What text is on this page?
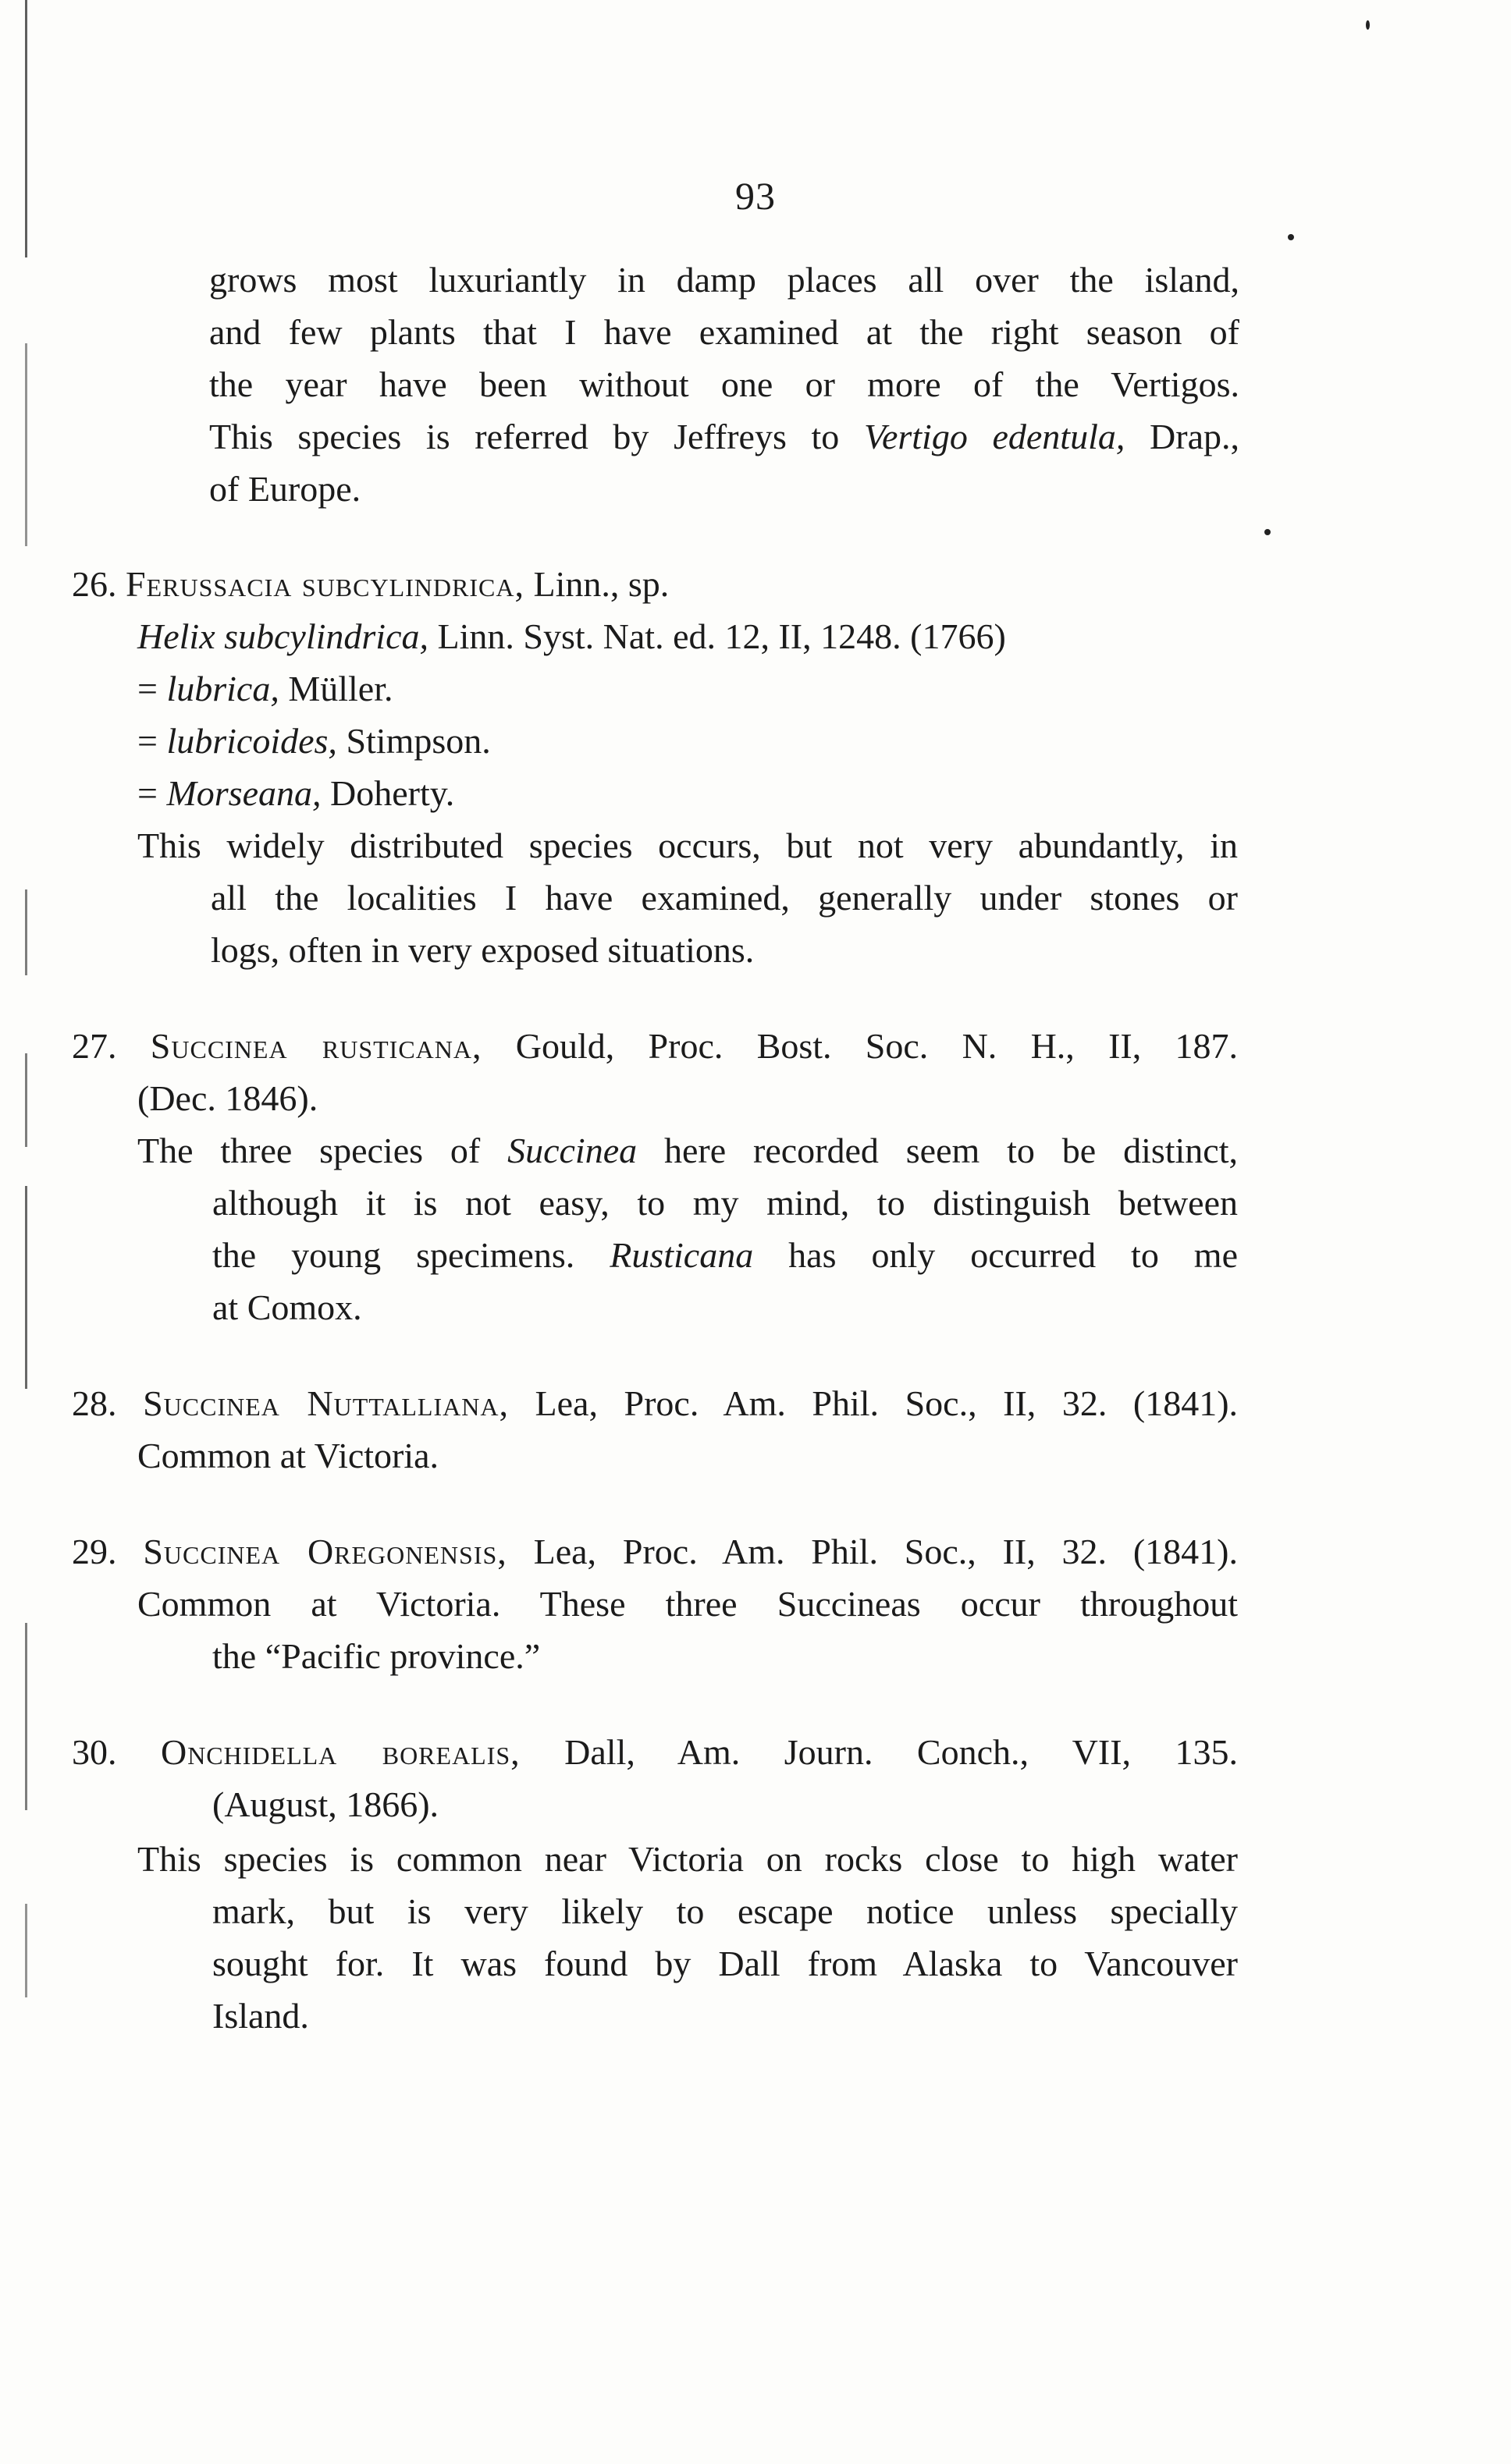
93
grows most luxuriantly in damp places all over the island,
and few plants that I have examined at the right season of
the year have been without one or more of the Vertigos.
This species is referred by Jeffreys to Vertigo edentula, Drap.,
of Europe.
26. Ferussacia subcylindrica, Linn., sp.
Helix subcylindrica, Linn. Syst. Nat. ed. 12, II, 1248. (1766)
= lubrica, Müller.
= lubricoides, Stimpson.
= Morseana, Doherty.
This widely distributed species occurs, but not very abundantly, in
all the localities I have examined, generally under stones or
logs, often in very exposed situations.
27. Succinea rusticana, Gould, Proc. Bost. Soc. N. H., II, 187.
(Dec. 1846).
The three species of Succinea here recorded seem to be distinct,
although it is not easy, to my mind, to distinguish between
the young specimens. Rusticana has only occurred to me
at Comox.
28. Succinea Nuttalliana, Lea, Proc. Am. Phil. Soc., II, 32. (1841).
Common at Victoria.
29. Succinea Oregonensis, Lea, Proc. Am. Phil. Soc., II, 32. (1841).
Common at Victoria. These three Succineas occur throughout
the “Pacific province.”
30. Onchidella borealis, Dall, Am. Journ. Conch., VII, 135.
(August, 1866).
This species is common near Victoria on rocks close to high water
mark, but is very likely to escape notice unless specially
sought for. It was found by Dall from Alaska to Vancouver
Island.
